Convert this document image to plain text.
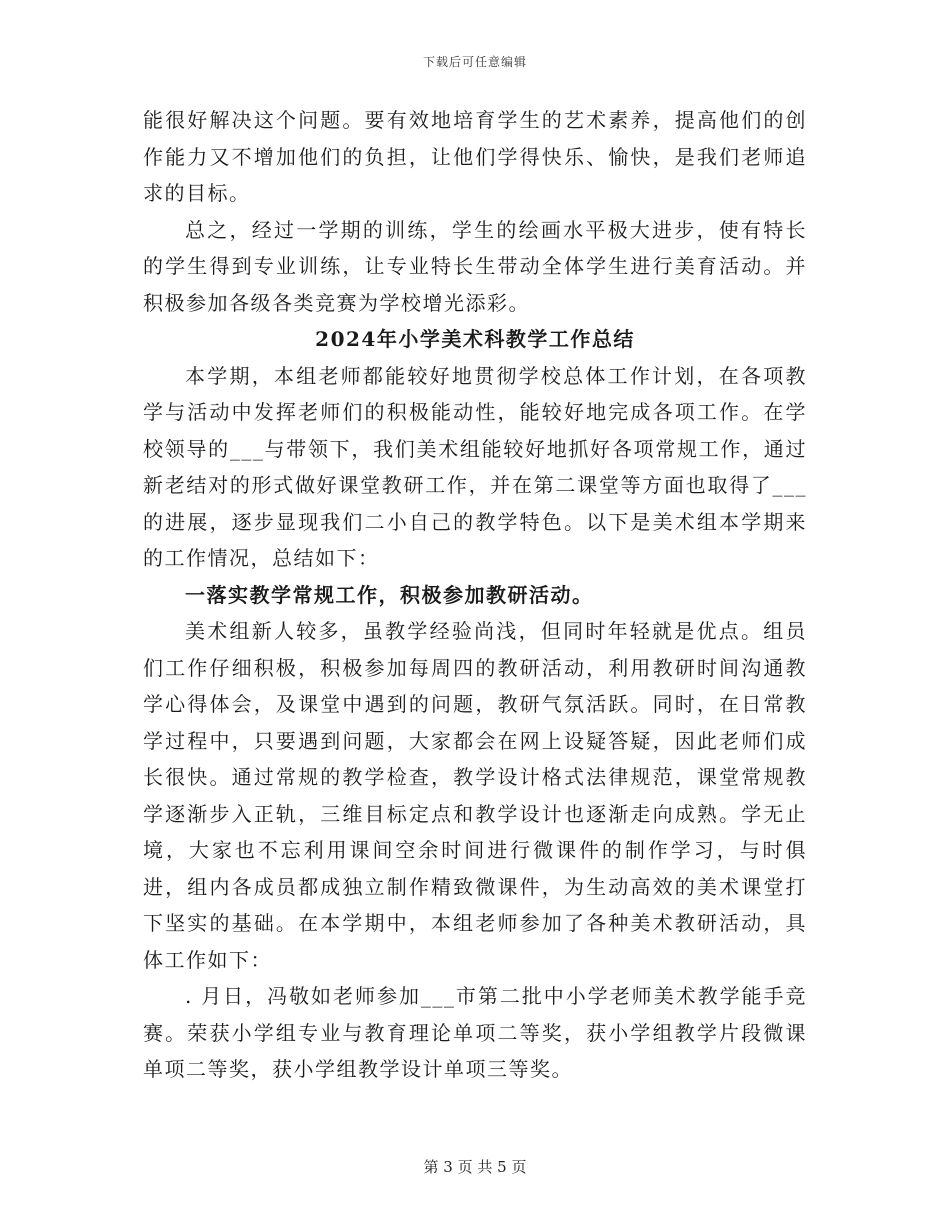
下载后可任意编辑

能很好解决这个问题。要有效地培育学生的艺术素养，提高他们的创作能力又不增加他们的负担，让他们学得快乐、愉快，是我们老师追求的目标。

总之，经过一学期的训练，学生的绘画水平极大进步，使有特长的学生得到专业训练，让专业特长生带动全体学生进行美育活动。并积极参加各级各类竞赛为学校增光添彩。

2024年小学美术科教学工作总结

本学期，本组老师都能较好地贯彻学校总体工作计划，在各项教学与活动中发挥老师们的积极能动性，能较好地完成各项工作。在学校领导的___与带领下，我们美术组能较好地抓好各项常规工作，通过新老结对的形式做好课堂教研工作，并在第二课堂等方面也取得了___的进展，逐步显现我们二小自己的教学特色。以下是美术组本学期来的工作情况，总结如下：

一落实教学常规工作，积极参加教研活动。

美术组新人较多，虽教学经验尚浅，但同时年轻就是优点。组员们工作仔细积极，积极参加每周四的教研活动，利用教研时间沟通教学心得体会，及课堂中遇到的问题，教研气氛活跃。同时，在日常教学过程中，只要遇到问题，大家都会在网上设疑答疑，因此老师们成长很快。通过常规的教学检查，教学设计格式法律规范，课堂常规教学逐渐步入正轨，三维目标定点和教学设计也逐渐走向成熟。学无止境，大家也不忘利用课间空余时间进行微课件的制作学习，与时俱进，组内各成员都成独立制作精致微课件，为生动高效的美术课堂打下坚实的基础。在本学期中，本组老师参加了各种美术教研活动，具体工作如下：

. 月日，冯敬如老师参加___市第二批中小学老师美术教学能手竞赛。荣获小学组专业与教育理论单项二等奖，获小学组教学片段微课单项二等奖，获小学组教学设计单项三等奖。

第 3 页 共 5 页
